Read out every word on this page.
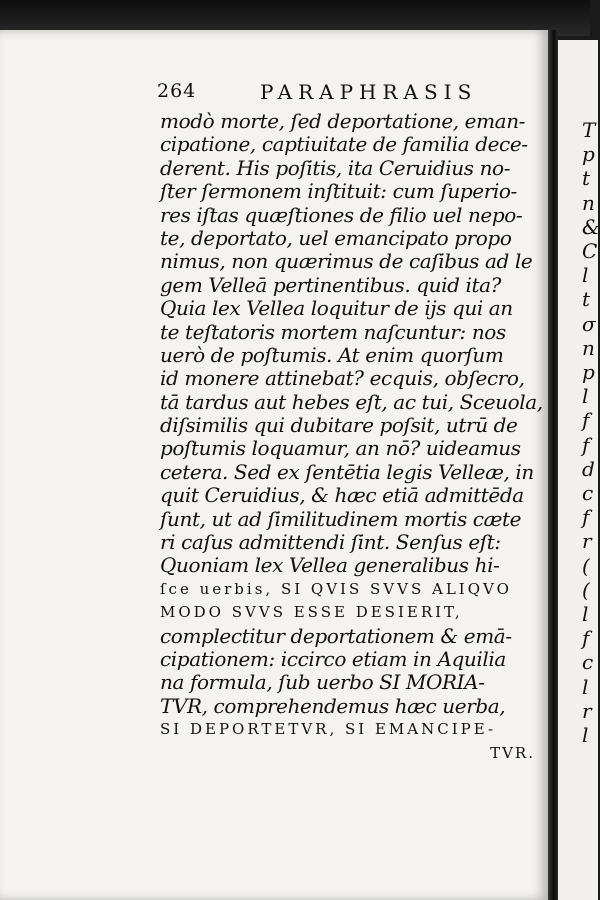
T
p
t
n
&
C
l
t
σ
n
p
l
f
f
d
c
f
r
(
(
l
f
c
l
r
l
264	PARAPHRASIS
modò morte, ſed deportatione, eman-
cipatione, captiuitate de familia dece-
derent. His poſitis, ita Ceruidius no-
ſter ſermonem inſtituit: cum ſuperio-
res iſtas quæſtiones de filio uel nepo-
te, deportato, uel emancipato propo
nimus, non quærimus de caſibus ad le
gem Velleā pertinentibus. quid ita?
Quia lex Vellea loquitur de ijs qui an
te teſtatoris mortem naſcuntur: nos
uerò de poſtumis. At enim quorſum
id monere attinebat? ecquis, obſecro,
tā tardus aut hebes eſt, ac tui, Sceuola,
diſsimilis qui dubitare poſsit, utrū de
poſtumis loquamur, an nō? uideamus
cetera. Sed ex ſentētia legis Velleæ, in
quit Ceruidius, & hæc etiā admittēda
ſunt, ut ad ſimilitudinem mortis cæte
ri caſus admittendi ſint. Senſus eſt:
Quoniam lex Vellea generalibus hi-
ſce uerbis, SI QVIS SVVS ALIQVO
MODO SVVS ESSE DESIERIT,
complectitur deportationem & emā-
cipationem: iccirco etiam in Aquilia
na formula, ſub uerbo SI MORIA-
TVR, comprehendemus hæc uerba,
SI DEPORTETVR, SI EMANCIPE-
TVR.
